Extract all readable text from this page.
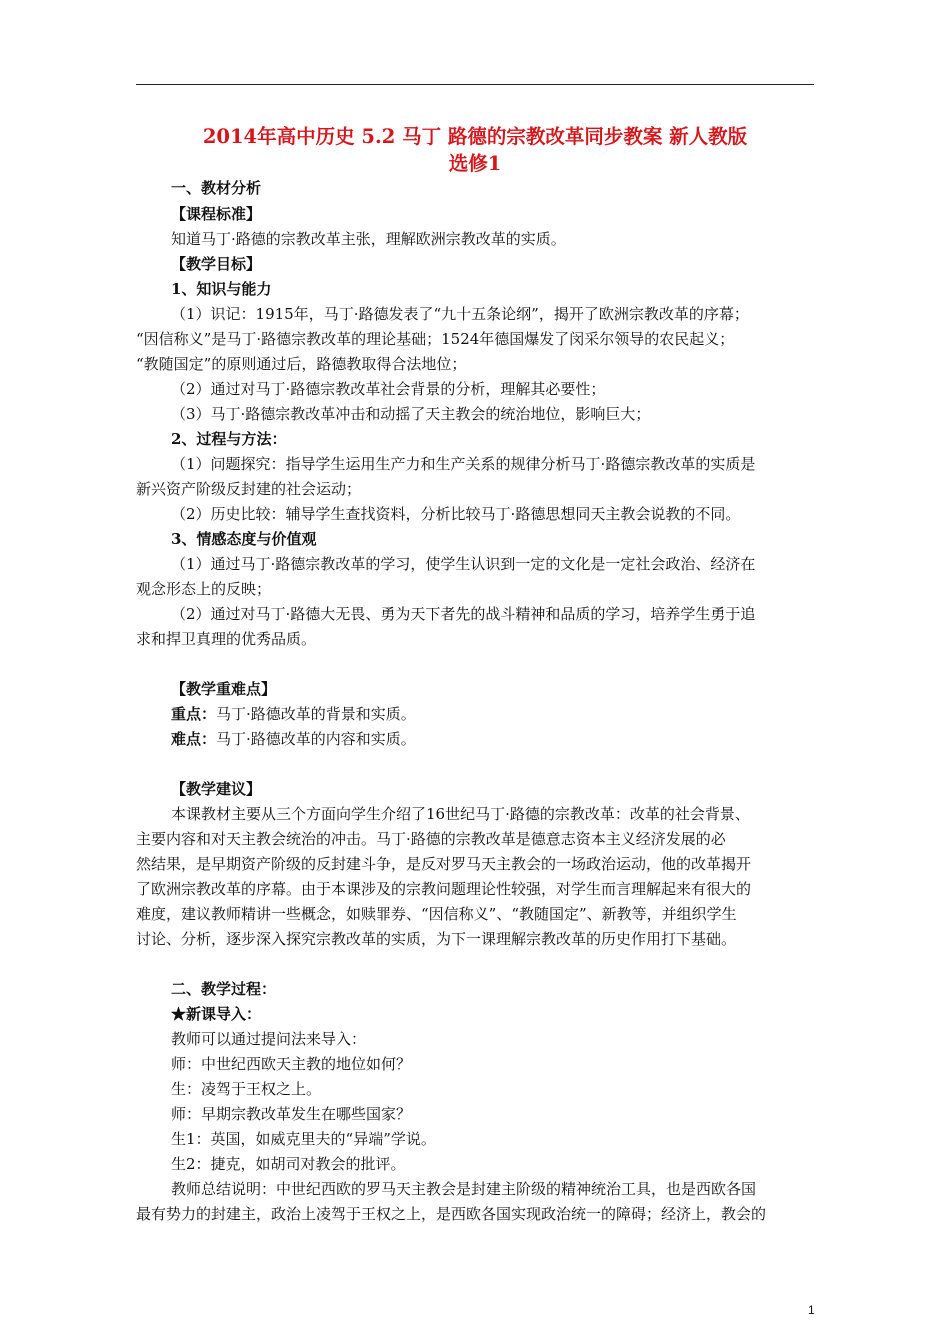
2014年高中历史 5.2 马丁 路德的宗教改革同步教案 新人教版
选修1
一、教材分析
【课程标准】
知道马丁·路德的宗教改革主张，理解欧洲宗教改革的实质。
【教学目标】
1、知识与能力
（1）识记：1915年，马丁·路德发表了“九十五条论纲”，揭开了欧洲宗教改革的序幕；
“因信称义”是马丁·路德宗教改革的理论基础；1524年德国爆发了闵采尔领导的农民起义；
“教随国定”的原则通过后，路德教取得合法地位；
（2）通过对马丁·路德宗教改革社会背景的分析，理解其必要性；
（3）马丁·路德宗教改革冲击和动摇了天主教会的统治地位，影响巨大；
2、过程与方法：
（1）问题探究：指导学生运用生产力和生产关系的规律分析马丁·路德宗教改革的实质是
新兴资产阶级反封建的社会运动；
（2）历史比较：辅导学生查找资料，分析比较马丁·路德思想同天主教会说教的不同。
3、情感态度与价值观
（1）通过马丁·路德宗教改革的学习，使学生认识到一定的文化是一定社会政治、经济在
观念形态上的反映；
（2）通过对马丁·路德大无畏、勇为天下者先的战斗精神和品质的学习，培养学生勇于追
求和捍卫真理的优秀品质。
【教学重难点】
重点：马丁·路德改革的背景和实质。
难点：马丁·路德改革的内容和实质。
【教学建议】
本课教材主要从三个方面向学生介绍了16世纪马丁·路德的宗教改革：改革的社会背景、
主要内容和对天主教会统治的冲击。马丁·路德的宗教改革是德意志资本主义经济发展的必
然结果，是早期资产阶级的反封建斗争，是反对罗马天主教会的一场政治运动，他的改革揭开
了欧洲宗教改革的序幕。由于本课涉及的宗教问题理论性较强，对学生而言理解起来有很大的
难度，建议教师精讲一些概念，如赎罪券、“因信称义”、“教随国定”、新教等，并组织学生
讨论、分析，逐步深入探究宗教改革的实质，为下一课理解宗教改革的历史作用打下基础。
二、教学过程：
★新课导入：
教师可以通过提问法来导入：
师：中世纪西欧天主教的地位如何？
生：凌驾于王权之上。
师：早期宗教改革发生在哪些国家？
生1：英国，如威克里夫的“异端”学说。
生2：捷克，如胡司对教会的批评。
教师总结说明：中世纪西欧的罗马天主教会是封建主阶级的精神统治工具，也是西欧各国
最有势力的封建主，政治上凌驾于王权之上，是西欧各国实现政治统一的障碍；经济上，教会的
1
